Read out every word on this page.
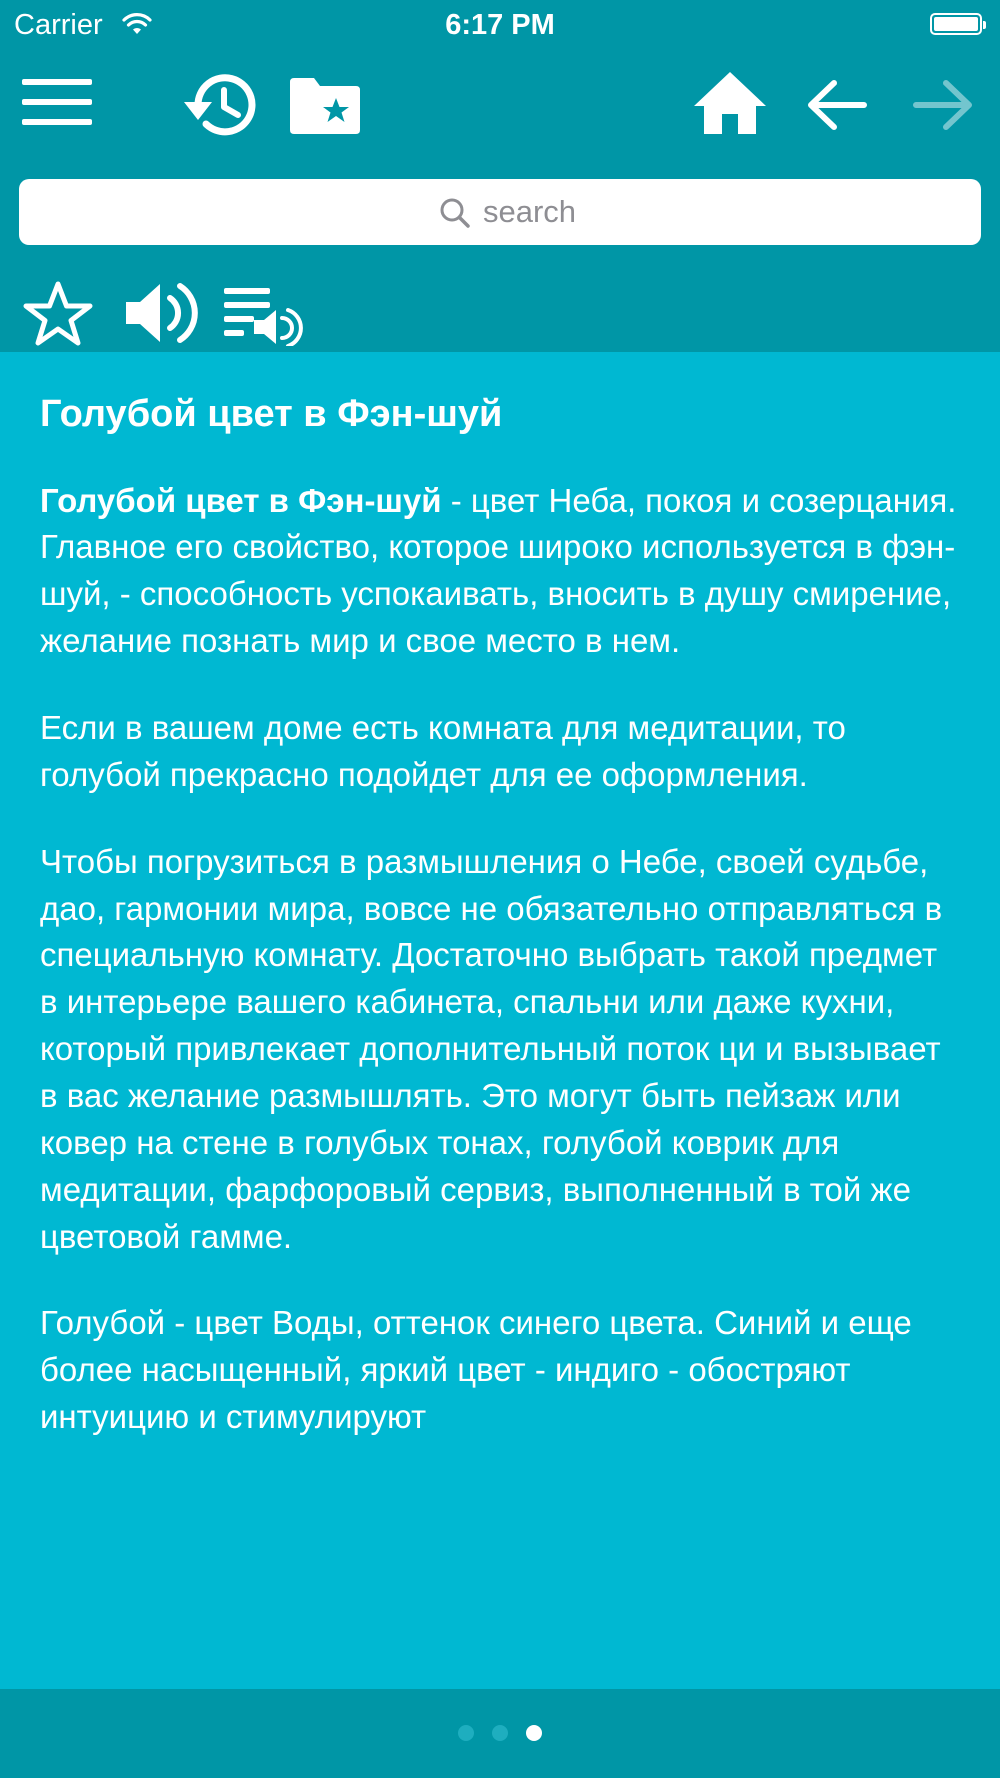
Carrier	6:17 PM
search
Голубой цвет в Фэн-шуй

Голубой цвет в Фэн-шуй - цвет Неба, покоя и созерцания. Главное его свойство, которое широко используется в фэн-шуй, - способность успокаивать, вносить в душу смирение, желание познать мир и свое место в нем.

Если в вашем доме есть комната для медитации, то голубой прекрасно подойдет для ее оформления.

Чтобы погрузиться в размышления о Небе, своей судьбе, дао, гармонии мира, вовсе не обязательно отправляться в специальную комнату. Достаточно выбрать такой предмет в интерьере вашего кабинета, спальни или даже кухни, который привлекает дополнительный поток ци и вызывает в вас желание размышлять. Это могут быть пейзаж или ковер на стене в голубых тонах, голубой коврик для медитации, фарфоровый сервиз, выполненный в той же цветовой гамме.

Голубой - цвет Воды, оттенок синего цвета. Синий и еще более насыщенный, яркий цвет - индиго - обостряют интуицию и стимулируют
